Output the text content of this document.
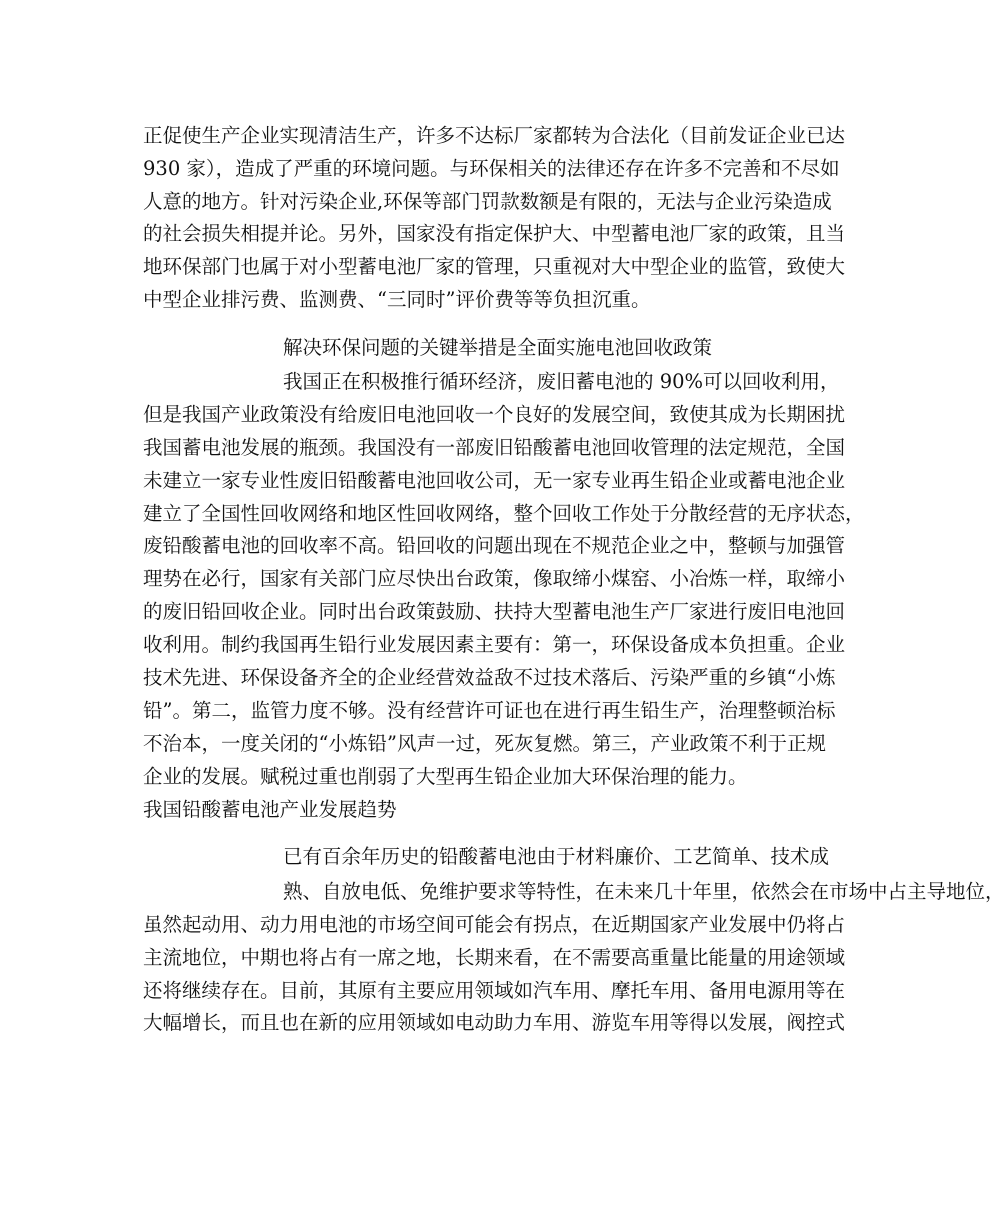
正促使生产企业实现清洁生产，许多不达标厂家都转为合法化（目前发证企业已达
930 家），造成了严重的环境问题。与环保相关的法律还存在许多不完善和不尽如
人意的地方。针对污染企业,环保等部门罚款数额是有限的，无法与企业污染造成
的社会损失相提并论。另外，国家没有指定保护大、中型蓄电池厂家的政策，且当
地环保部门也属于对小型蓄电池厂家的管理，只重视对大中型企业的监管，致使大
中型企业排污费、监测费、“三同时”评价费等等负担沉重。
解决环保问题的关键举措是全面实施电池回收政策
我国正在积极推行循环经济，废旧蓄电池的 90%可以回收利用，
但是我国产业政策没有给废旧电池回收一个良好的发展空间，致使其成为长期困扰
我国蓄电池发展的瓶颈。我国没有一部废旧铅酸蓄电池回收管理的法定规范，全国
未建立一家专业性废旧铅酸蓄电池回收公司，无一家专业再生铅企业或蓄电池企业
建立了全国性回收网络和地区性回收网络，整个回收工作处于分散经营的无序状态，
废铅酸蓄电池的回收率不高。铅回收的问题出现在不规范企业之中，整顿与加强管
理势在必行，国家有关部门应尽快出台政策，像取缔小煤窑、小冶炼一样，取缔小
的废旧铅回收企业。同时出台政策鼓励、扶持大型蓄电池生产厂家进行废旧电池回
收利用。制约我国再生铅行业发展因素主要有：第一，环保设备成本负担重。企业
技术先进、环保设备齐全的企业经营效益敌不过技术落后、污染严重的乡镇“小炼
铅”。第二，监管力度不够。没有经营许可证也在进行再生铅生产，治理整顿治标
不治本，一度关闭的“小炼铅”风声一过，死灰复燃。第三，产业政策不利于正规
企业的发展。赋税过重也削弱了大型再生铅企业加大环保治理的能力。
我国铅酸蓄电池产业发展趋势
已有百余年历史的铅酸蓄电池由于材料廉价、工艺简单、技术成
熟、自放电低、免维护要求等特性，在未来几十年里，依然会在市场中占主导地位，
虽然起动用、动力用电池的市场空间可能会有拐点，在近期国家产业发展中仍将占
主流地位，中期也将占有一席之地，长期来看，在不需要高重量比能量的用途领域
还将继续存在。目前，其原有主要应用领域如汽车用、摩托车用、备用电源用等在
大幅增长，而且也在新的应用领域如电动助力车用、游览车用等得以发展，阀控式
